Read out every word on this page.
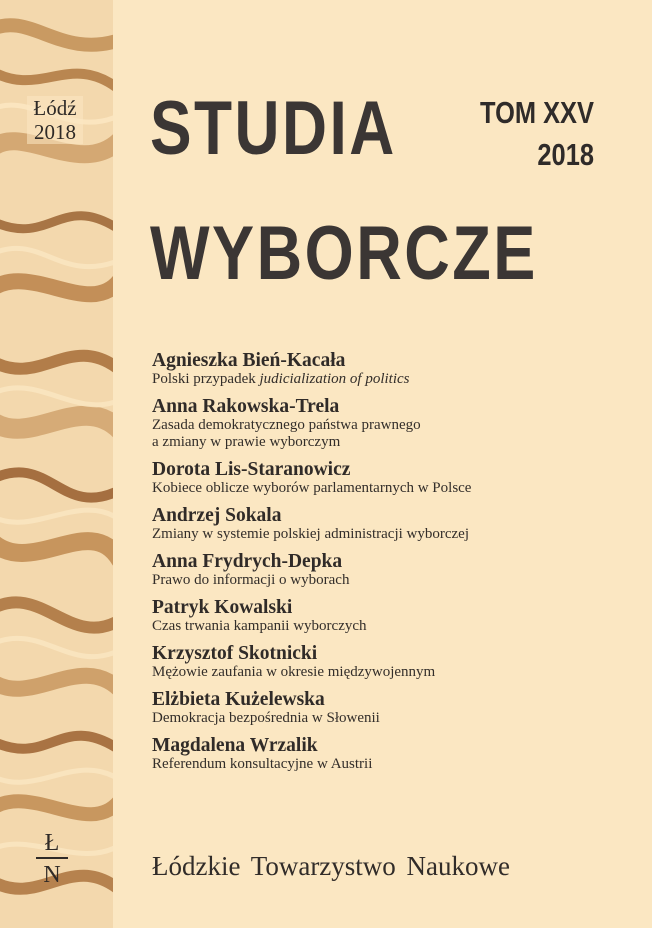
Łódź
2018 STUDIA
WYBORCZE
TOM XXV
2018
Agnieszka Bień-Kacała
Polski przypadek judicialization of politics
Anna Rakowska-Trela
Zasada demokratycznego państwa prawnego
a zmiany w prawie wyborczym
Dorota Lis-Staranowicz
Kobiece oblicze wyborów parlamentarnych w Polsce
Andrzej Sokala
Zmiany w systemie polskiej administracji wyborczej
Anna Frydrych-Depka
Prawo do informacji o wyborach
Patryk Kowalski
Czas trwania kampanii wyborczych
Krzysztof Skotnicki
Mężowie zaufania w okresie międzywojennym
Elżbieta Kużelewska
Demokracja bezpośrednia w Słowenii
Magdalena Wrzalik
Referendum konsultacyjne w Austrii
Ł
N	Łódzkie Towarzystwo Naukowe
